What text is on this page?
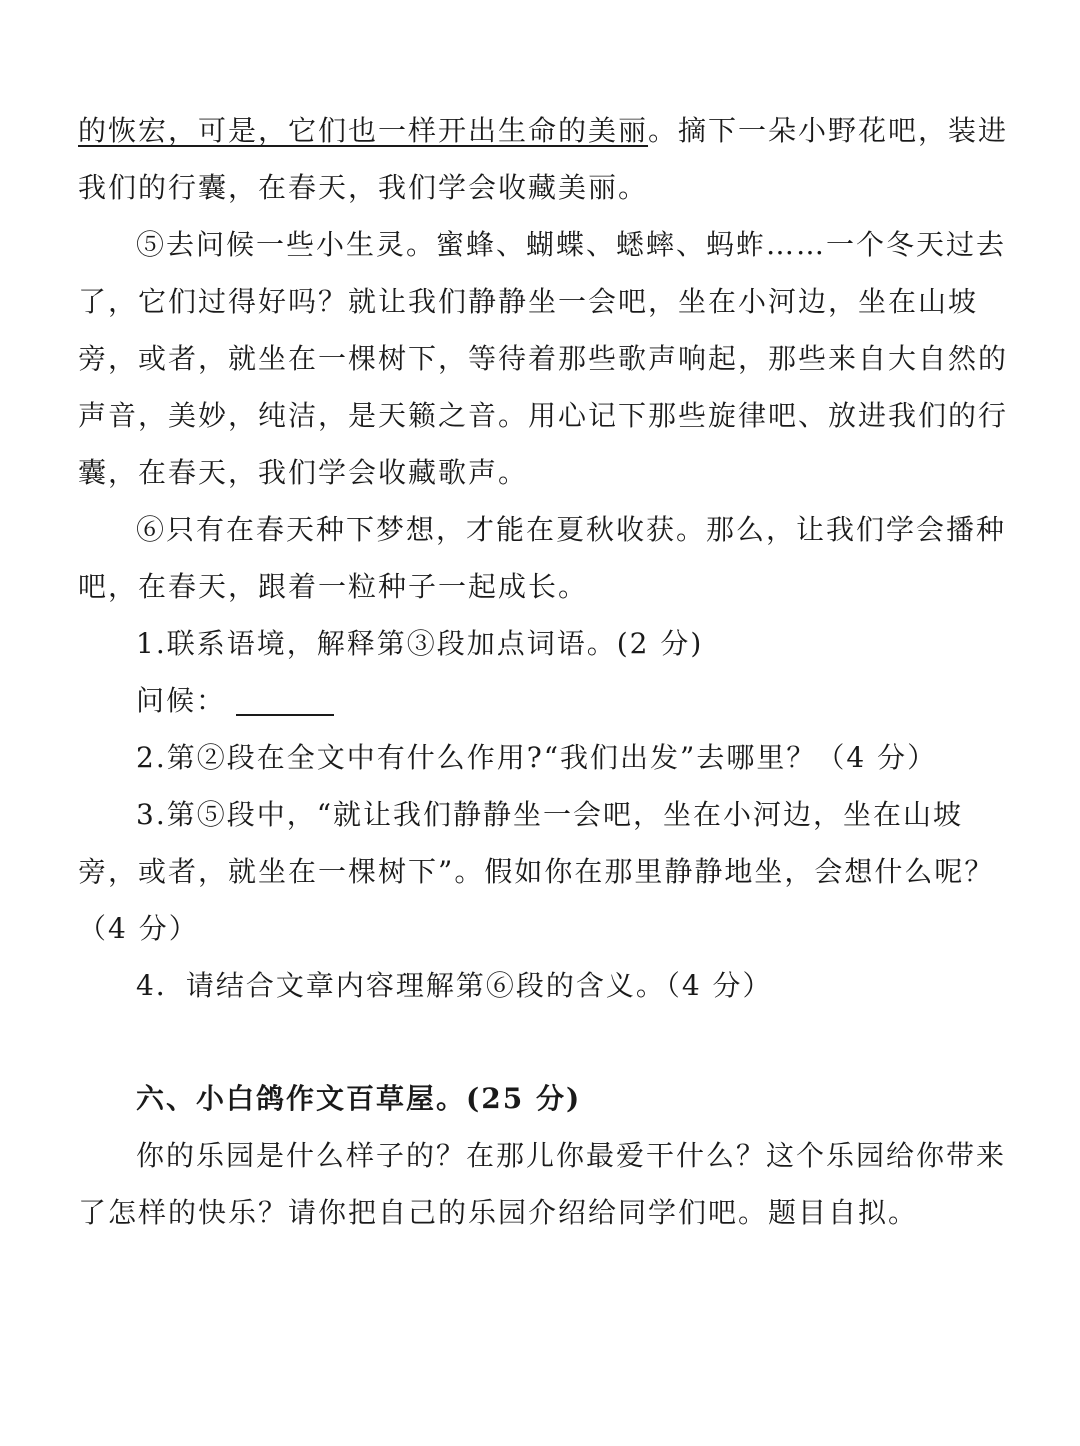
的恢宏，可是，它们也一样开出生命的美丽。摘下一朵小野花吧，装进
我们的行囊，在春天，我们学会收藏美丽。
⑤去问候一些小生灵。蜜蜂、蝴蝶、蟋蟀、蚂蚱……一个冬天过去
了，它们过得好吗？就让我们静静坐一会吧，坐在小河边，坐在山坡
旁，或者，就坐在一棵树下，等待着那些歌声响起，那些来自大自然的
声音，美妙，纯洁，是天籁之音。用心记下那些旋律吧、放进我们的行
囊，在春天，我们学会收藏歌声。
⑥只有在春天种下梦想，才能在夏秋收获。那么，让我们学会播种
吧，在春天，跟着一粒种子一起成长。
1.联系语境，解释第③段加点词语。(2 分)
问候：
2.第②段在全文中有什么作用?“我们出发”去哪里？（4 分）
3.第⑤段中，“就让我们静静坐一会吧，坐在小河边，坐在山坡
旁，或者，就坐在一棵树下”。假如你在那里静静地坐，会想什么呢？
（4 分）
4．请结合文章内容理解第⑥段的含义。（4 分）
六、小白鸽作文百草屋。(25 分)
你的乐园是什么样子的？在那儿你最爱干什么？这个乐园给你带来
了怎样的快乐？请你把自己的乐园介绍给同学们吧。题目自拟。
